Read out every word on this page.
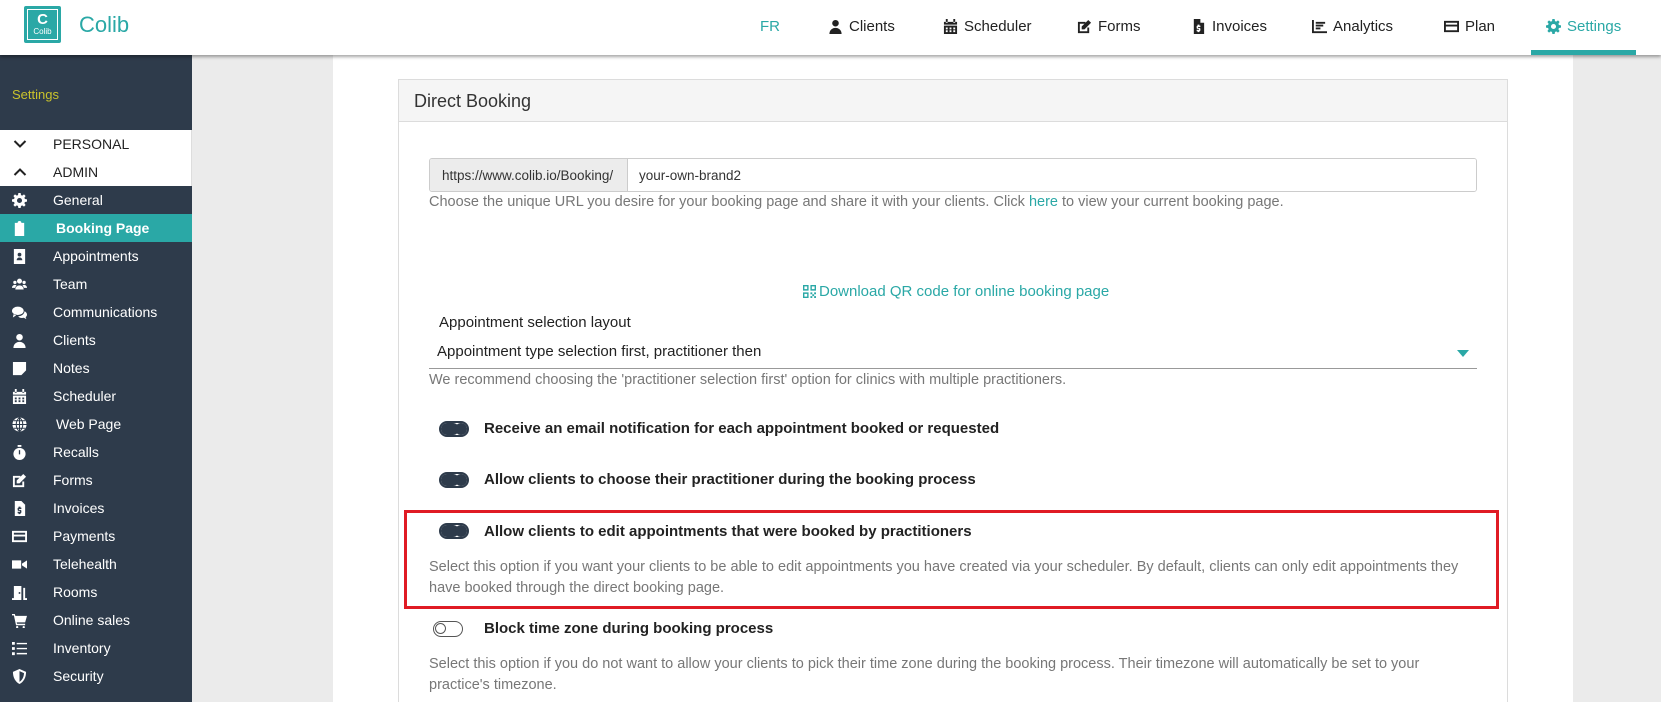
C
Colib Colib	FR	Clients	Scheduler	Forms	Invoices	Analytics	Plan	Settings
Settings
PERSONAL
ADMIN
General
Booking Page
Appointments
Team
Communications
Clients
Notes
Scheduler
Web Page
Recalls
Forms
Invoices
Payments
Telehealth
Rooms
Online sales
Inventory
Security
Direct Booking
https://www.colib.io/Booking/
your-own-brand2
Choose the unique URL you desire for your booking page and share it with your clients. Click here to view your current booking page.
Download QR code for online booking page
Appointment selection layout
Appointment type selection first, practitioner then
We recommend choosing the 'practitioner selection first' option for clinics with multiple practitioners.
Receive an email notification for each appointment booked or requested
Allow clients to choose their practitioner during the booking process
Allow clients to edit appointments that were booked by practitioners
Select this option if you want your clients to be able to edit appointments you have created via your scheduler. By default, clients can only edit appointments they have booked through the direct booking page.
Block time zone during booking process
Select this option if you do not want to allow your clients to pick their time zone during the booking process. Their timezone will automatically be set to your practice's timezone.
